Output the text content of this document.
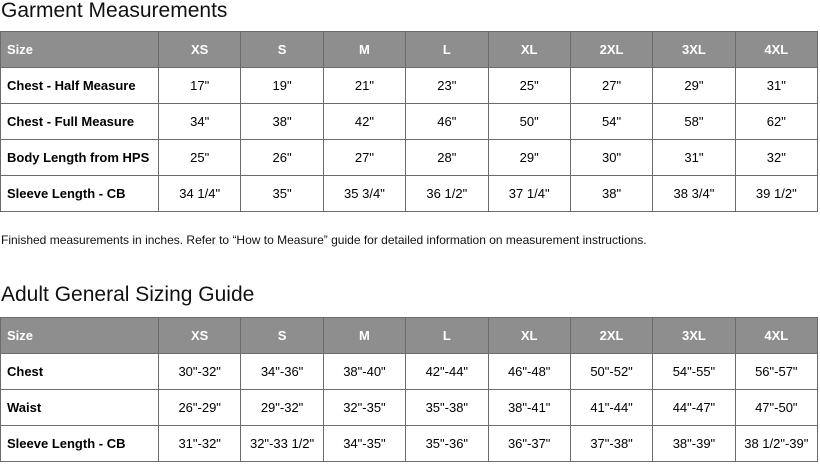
Garment Measurements
Size	XS	S	M	L	XL	2XL	3XL	4XL
Chest - Half Measure	17"	19"	21"	23"	25"	27"	29"	31"
Chest - Full Measure	34"	38"	42"	46"	50"	54"	58"	62"
Body Length from HPS	25"	26"	27"	28"	29"	30"	31"	32"
Sleeve Length - CB	34 1/4"	35"	35 3/4"	36 1/2"	37 1/4"	38"	38 3/4"	39 1/2"

Finished measurements in inches. Refer to “How to Measure” guide for detailed information on measurement instructions.

Adult General Sizing Guide
Size	XS	S	M	L	XL	2XL	3XL	4XL
Chest	30"-32"	34"-36"	38"-40"	42"-44"	46"-48"	50"-52"	54"-55"	56"-57"
Waist	26"-29"	29"-32"	32"-35"	35"-38"	38"-41"	41"-44"	44"-47"	47"-50"
Sleeve Length - CB	31"-32"	32"-33 1/2"	34"-35"	35"-36"	36"-37"	37"-38"	38"-39"	38 1/2"-39"
